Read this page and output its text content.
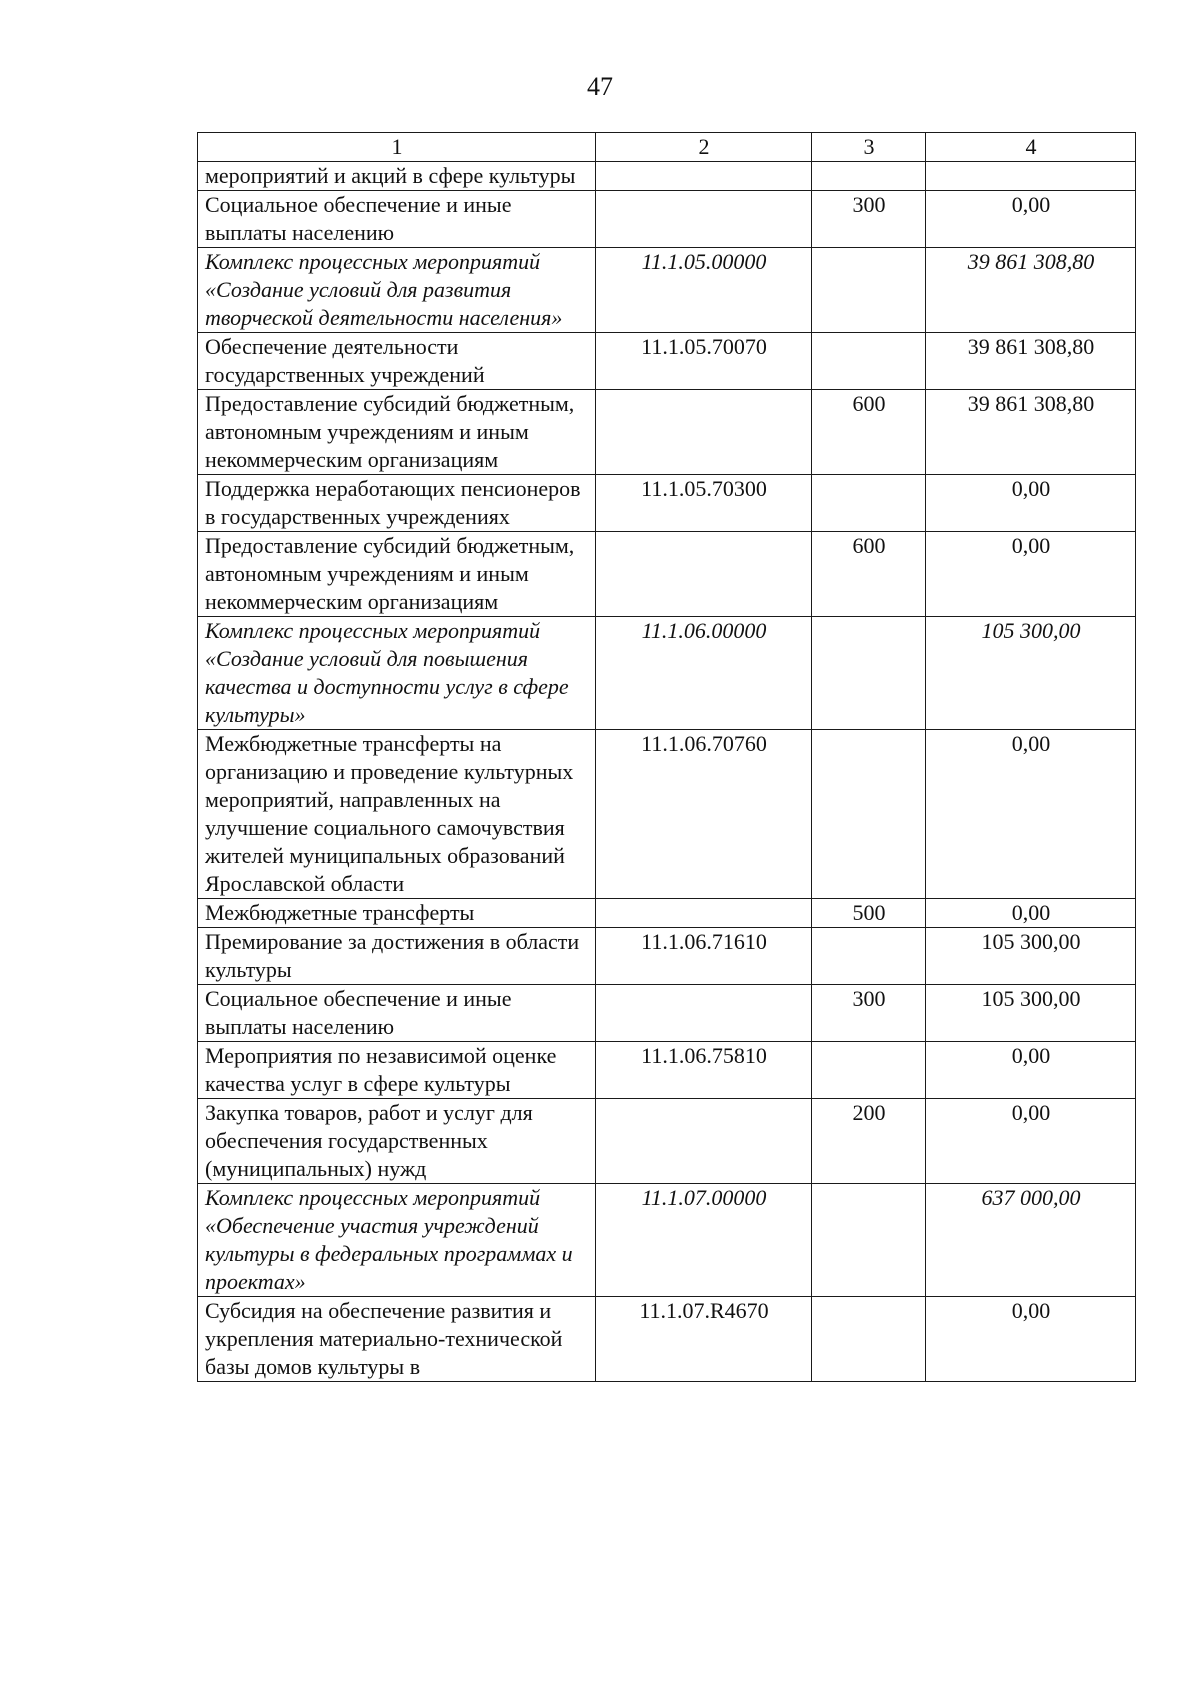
47
1	2	3	4
мероприятий и акций в сфере культуры			
Социальное обеспечение и иные выплаты населению		300	0,00
Комплекс процессных мероприятий «Создание условий для развития творческой деятельности населения»	11.1.05.00000		39 861 308,80
Обеспечение деятельности государственных учреждений	11.1.05.70070		39 861 308,80
Предоставление субсидий бюджетным, автономным учреждениям и иным некоммерческим организациям		600	39 861 308,80
Поддержка неработающих пенсионеров в государственных учреждениях	11.1.05.70300		0,00
Предоставление субсидий бюджетным, автономным учреждениям и иным некоммерческим организациям		600	0,00
Комплекс процессных мероприятий «Создание условий для повышения качества и доступности услуг в сфере культуры»	11.1.06.00000		105 300,00
Межбюджетные трансферты на организацию и проведение культурных мероприятий, направленных на улучшение социального самочувствия жителей муниципальных образований Ярославской области	11.1.06.70760		0,00
Межбюджетные трансферты		500	0,00
Премирование за достижения в области культуры	11.1.06.71610		105 300,00
Социальное обеспечение и иные выплаты населению		300	105 300,00
Мероприятия по независимой оценке качества услуг в сфере культуры	11.1.06.75810		0,00
Закупка товаров, работ и услуг для обеспечения государственных (муниципальных) нужд		200	0,00
Комплекс процессных мероприятий «Обеспечение участия учреждений культуры в федеральных программах и проектах»	11.1.07.00000		637 000,00
Субсидия на обеспечение развития и укрепления материально-технической базы домов культуры в	11.1.07.R4670		0,00
